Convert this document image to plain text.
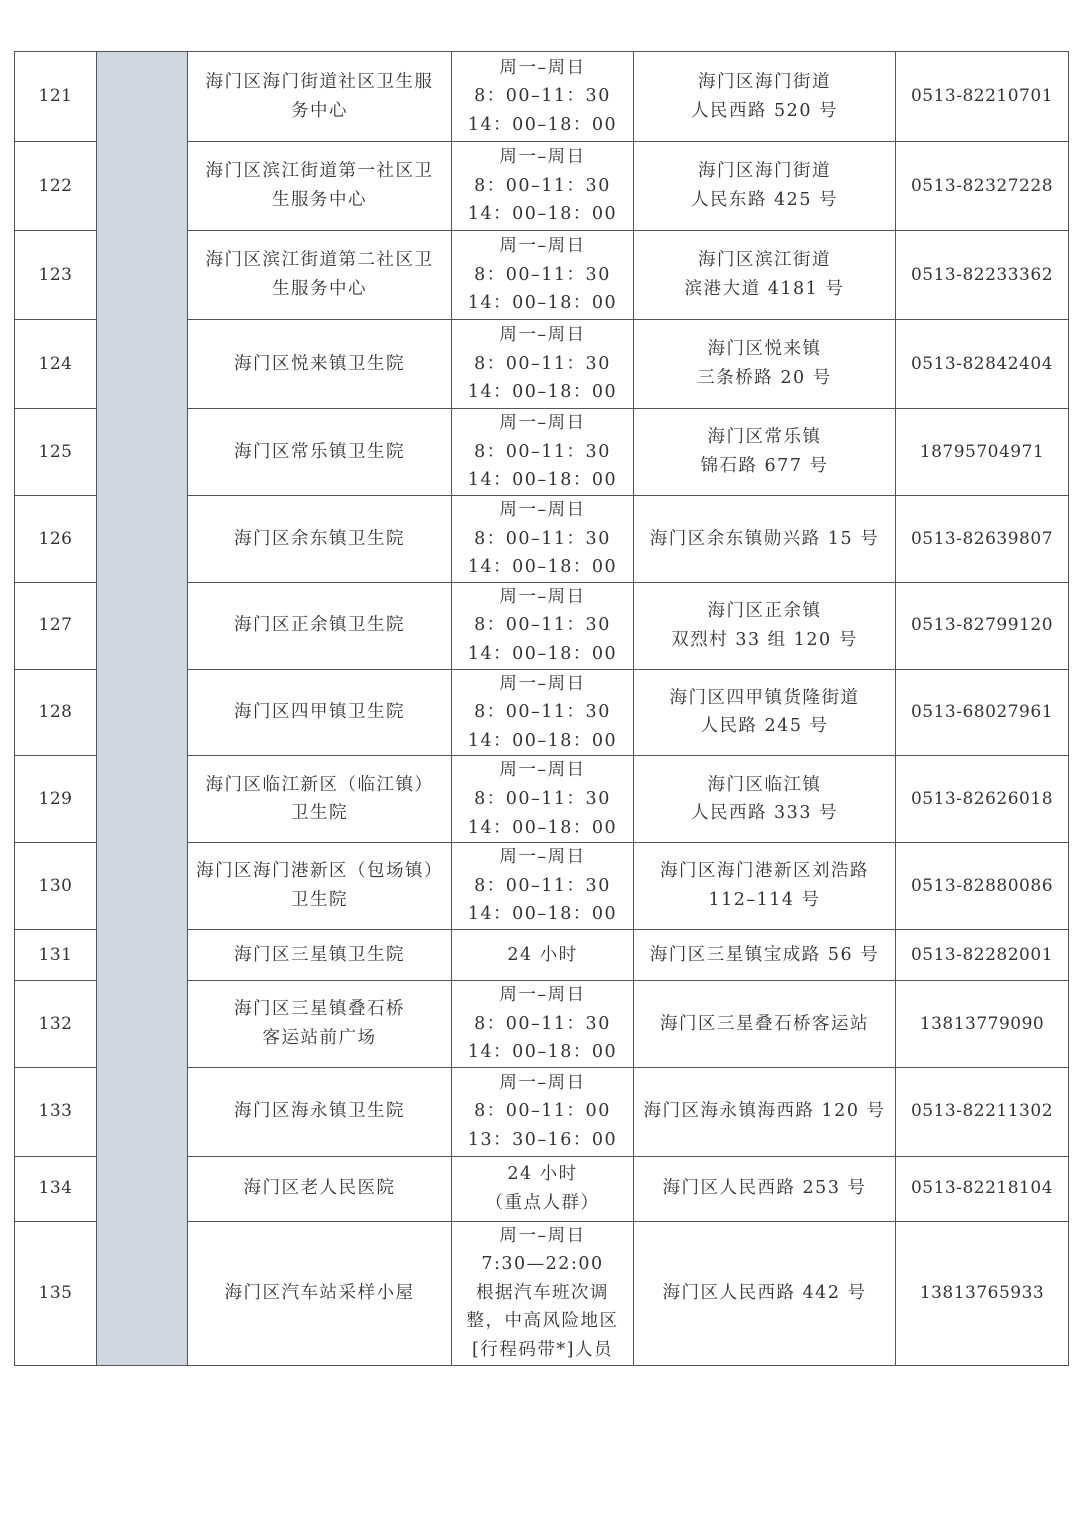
121		海门区海门街道社区卫生服
务中心	周一–周日
8：00–11：30
14：00–18：00	海门区海门街道
人民西路 520 号	0513-82210701
122		海门区滨江街道第一社区卫
生服务中心	周一–周日
8：00–11：30
14：00–18：00	海门区海门街道
人民东路 425 号	0513-82327228
123		海门区滨江街道第二社区卫
生服务中心	周一–周日
8：00–11：30
14：00–18：00	海门区滨江街道
滨港大道 4181 号	0513-82233362
124		海门区悦来镇卫生院	周一–周日
8：00–11：30
14：00–18：00	海门区悦来镇
三条桥路 20 号	0513-82842404
125		海门区常乐镇卫生院	周一–周日
8：00–11：30
14：00–18：00	海门区常乐镇
锦石路 677 号	18795704971
126		海门区余东镇卫生院	周一–周日
8：00–11：30
14：00–18：00	海门区余东镇勋兴路 15 号	0513-82639807
127		海门区正余镇卫生院	周一–周日
8：00–11：30
14：00–18：00	海门区正余镇
双烈村 33 组 120 号	0513-82799120
128		海门区四甲镇卫生院	周一–周日
8：00–11：30
14：00–18：00	海门区四甲镇货隆街道
人民路 245 号	0513-68027961
129		海门区临江新区（临江镇）
卫生院	周一–周日
8：00–11：30
14：00–18：00	海门区临江镇
人民西路 333 号	0513-82626018
130		海门区海门港新区（包场镇）
卫生院	周一–周日
8：00–11：30
14：00–18：00	海门区海门港新区刘浩路
112–114 号	0513-82880086
131		海门区三星镇卫生院	24 小时	海门区三星镇宝成路 56 号	0513-82282001
132		海门区三星镇叠石桥
客运站前广场	周一–周日
8：00–11：30
14：00–18：00	海门区三星叠石桥客运站	13813779090
133		海门区海永镇卫生院	周一–周日
8：00–11：00
13：30–16：00	海门区海永镇海西路 120 号	0513-82211302
134		海门区老人民医院	24 小时
（重点人群）	海门区人民西路 253 号	0513-82218104
135		海门区汽车站采样小屋	周一–周日
7:30—22:00
根据汽车班次调
整，中高风险地区
[行程码带*]人员	海门区人民西路 442 号	13813765933
